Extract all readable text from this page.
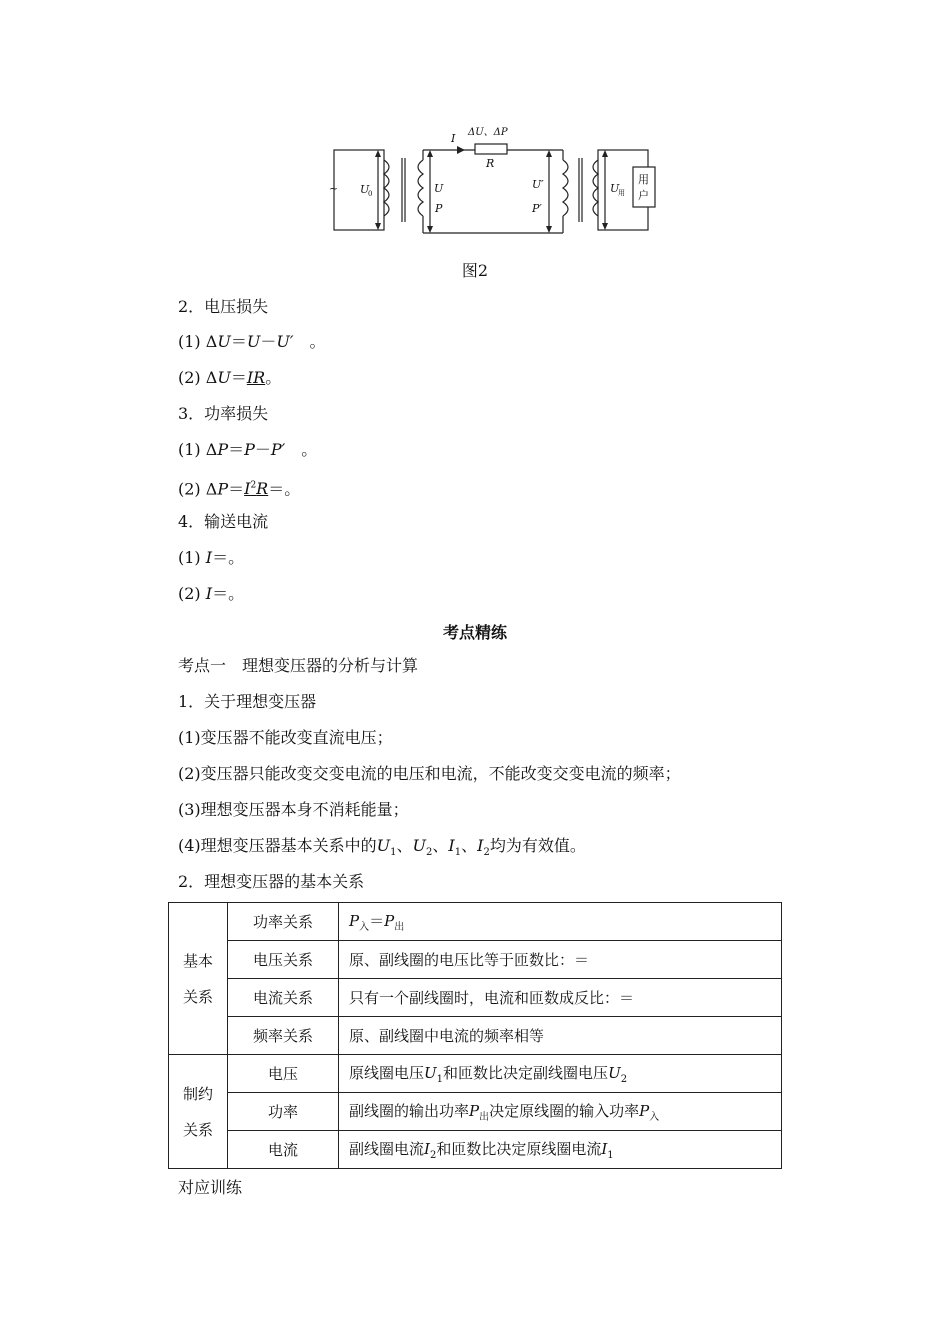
~ U
0	U
P
I ΔU、ΔP
R
U′
P′
U
用
用
户
图2
2．电压损失
(1) ΔU＝U－U′　。
(2) ΔU＝IR。
3．功率损失
(1) ΔP＝P－P′　。
(2) $\Delta P=I^2R=$。
4．输送电流
(1) I＝。
(2) I＝。
考点精练
考点一　理想变压器的分析与计算
1．关于理想变压器
(1)变压器不能改变直流电压；
(2)变压器只能改变交变电流的电压和电流，不能改变交变电流的频率；
(3)理想变压器本身不消耗能量；
(4)理想变压器基本关系中的$U_1$、$U_2$、$I_1$、$I_2$均为有效值。
2．理想变压器的基本关系
基本
关系	功率关系	$P_入=P_出$
	电压关系	原、副线圈的电压比等于匝数比：＝
	电流关系	只有一个副线圈时，电流和匝数成反比：＝
	频率关系	原、副线圈中电流的频率相等
制约
关系	电压	原线圈电压$U_1$和匝数比决定副线圈电压$U_2$
	功率	副线圈的输出功率$P_出$决定原线圈的输入功率$P_入$
	电流	副线圈电流$I_2$和匝数比决定原线圈电流$I_1$
对应训练
